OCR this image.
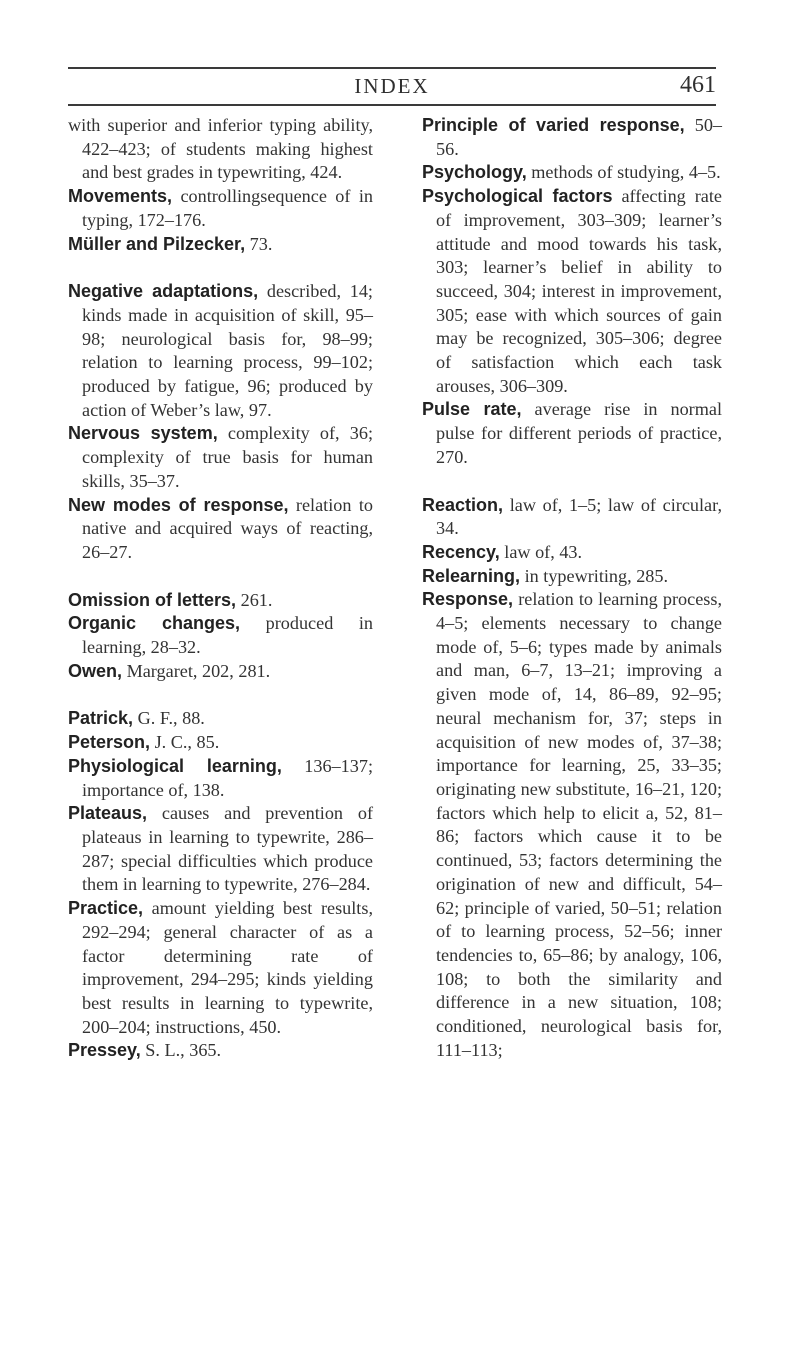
INDEX	461

with superior and inferior typing ability, 422–423; of students making highest and best grades in typewriting, 424.

Movements, controllingsequence of in typing, 172–176.

Müller and Pilzecker, 73.

Negative adaptations, described, 14; kinds made in acquisition of skill, 95–98; neurological basis for, 98–99; relation to learning process, 99–102; produced by fatigue, 96; produced by action of Weber’s law, 97.

Nervous system, complexity of, 36; complexity of true basis for human skills, 35–37.

New modes of response, relation to native and acquired ways of reacting, 26–27.

Omission of letters, 261.

Organic changes, produced in learning, 28–32.

Owen, Margaret, 202, 281.

Patrick, G. F., 88.

Peterson, J. C., 85.

Physiological learning, 136–137; importance of, 138.

Plateaus, causes and prevention of plateaus in learning to typewrite, 286–287; special difficulties which produce them in learning to typewrite, 276–284.

Practice, amount yielding best results, 292–294; general character of as a factor determining rate of improvement, 294–295; kinds yielding best results in learning to typewrite, 200–204; instructions, 450.

Pressey, S. L., 365.

Principle of varied response, 50–56.

Psychology, methods of studying, 4–5.

Psychological factors affecting rate of improvement, 303–309; learner’s attitude and mood towards his task, 303; learner’s belief in ability to succeed, 304; interest in improvement, 305; ease with which sources of gain may be recognized, 305–306; degree of satisfaction which each task arouses, 306–309.

Pulse rate, average rise in normal pulse for different periods of practice, 270.

Reaction, law of, 1–5; law of circular, 34.

Recency, law of, 43.

Relearning, in typewriting, 285.

Response, relation to learning process, 4–5; elements necessary to change mode of, 5–6; types made by animals and man, 6–7, 13–21; improving a given mode of, 14, 86–89, 92–95; neural mechanism for, 37; steps in acquisition of new modes of, 37–38; importance for learning, 25, 33–35; originating new substitute, 16–21, 120; factors which help to elicit a, 52, 81–86; factors which cause it to be continued, 53; factors determining the origination of new and difficult, 54–62; principle of varied, 50–51; relation of to learning process, 52–56; inner tendencies to, 65–86; by analogy, 106, 108; to both the similarity and difference in a new situation, 108; conditioned, neurological basis for, 111–113;
